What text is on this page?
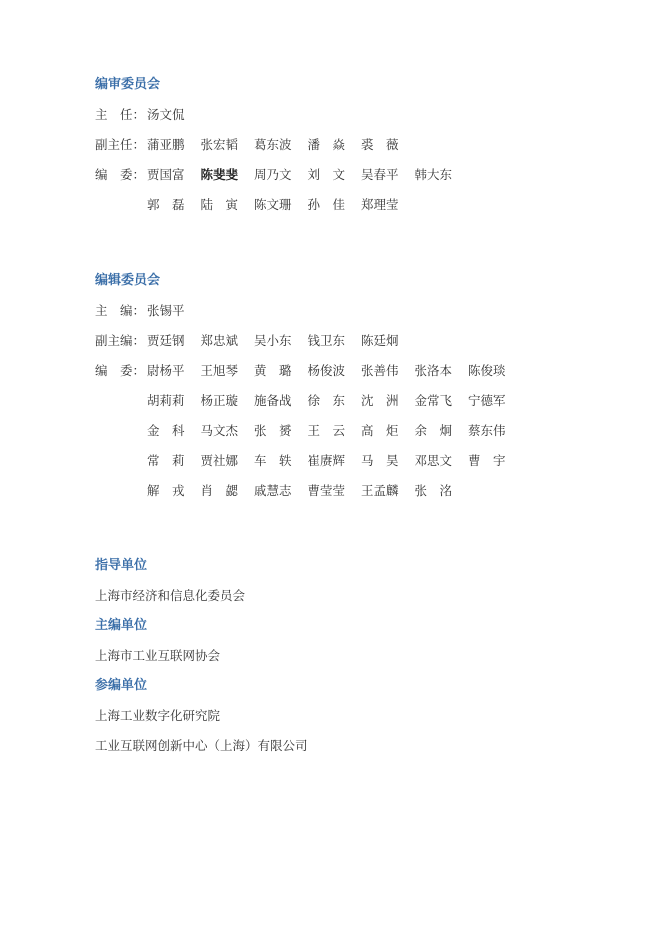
编审委员会
主　任： 汤文侃
副主任： 蒲亚鹏 张宏韬 葛东波 潘　焱 裘　薇
编　委： 贾国富 陈斐斐 周乃文 刘　文 吴春平 韩大东
郭　磊 陆　寅 陈文珊 孙　佳 郑理莹
编辑委员会
主　编： 张锡平
副主编： 贾廷钢 郑忠斌 吴小东 钱卫东 陈廷炯
编　委： 尉杨平 王旭琴 黄　璐 杨俊波 张善伟 张洛本 陈俊琰
胡莉莉 杨正璇 施备战 徐　东 沈　洲 金常飞 宁德军
金　科 马文杰 张　赟 王　云 高　炬 余　炯 蔡东伟
常　莉 贾社娜 车　轶 崔赓辉 马　昊 邓思文 曹　宇
解　戎 肖　勰 戚慧志 曹莹莹 王孟麟 张　洺
指导单位
上海市经济和信息化委员会
主编单位
上海市工业互联网协会
参编单位
上海工业数字化研究院
工业互联网创新中心（上海）有限公司
